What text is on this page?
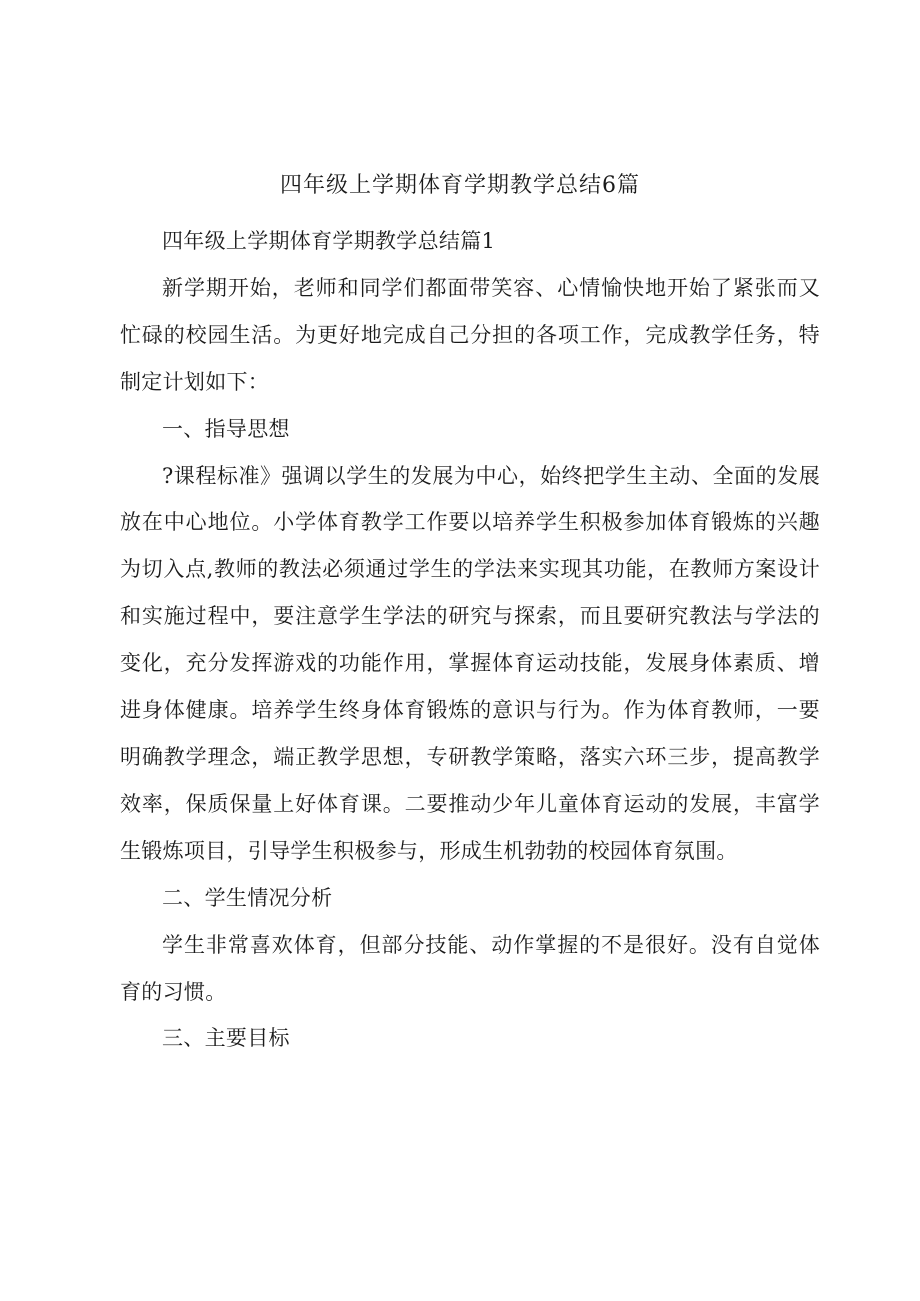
四年级上学期体育学期教学总结6篇

四年级上学期体育学期教学总结篇1

新学期开始，老师和同学们都面带笑容、心情愉快地开始了紧张而又忙碌的校园生活。为更好地完成自己分担的各项工作，完成教学任务，特制定计划如下：

一、指导思想

?课程标准》强调以学生的发展为中心，始终把学生主动、全面的发展放在中心地位。小学体育教学工作要以培养学生积极参加体育锻炼的兴趣为切入点,教师的教法必须通过学生的学法来实现其功能，在教师方案设计和实施过程中，要注意学生学法的研究与探索，而且要研究教法与学法的变化，充分发挥游戏的功能作用，掌握体育运动技能，发展身体素质、增进身体健康。培养学生终身体育锻炼的意识与行为。作为体育教师，一要明确教学理念，端正教学思想，专研教学策略，落实六环三步，提高教学效率，保质保量上好体育课。二要推动少年儿童体育运动的发展，丰富学生锻炼项目，引导学生积极参与，形成生机勃勃的校园体育氛围。

二、学生情况分析

学生非常喜欢体育，但部分技能、动作掌握的不是很好。没有自觉体育的习惯。

三、主要目标
